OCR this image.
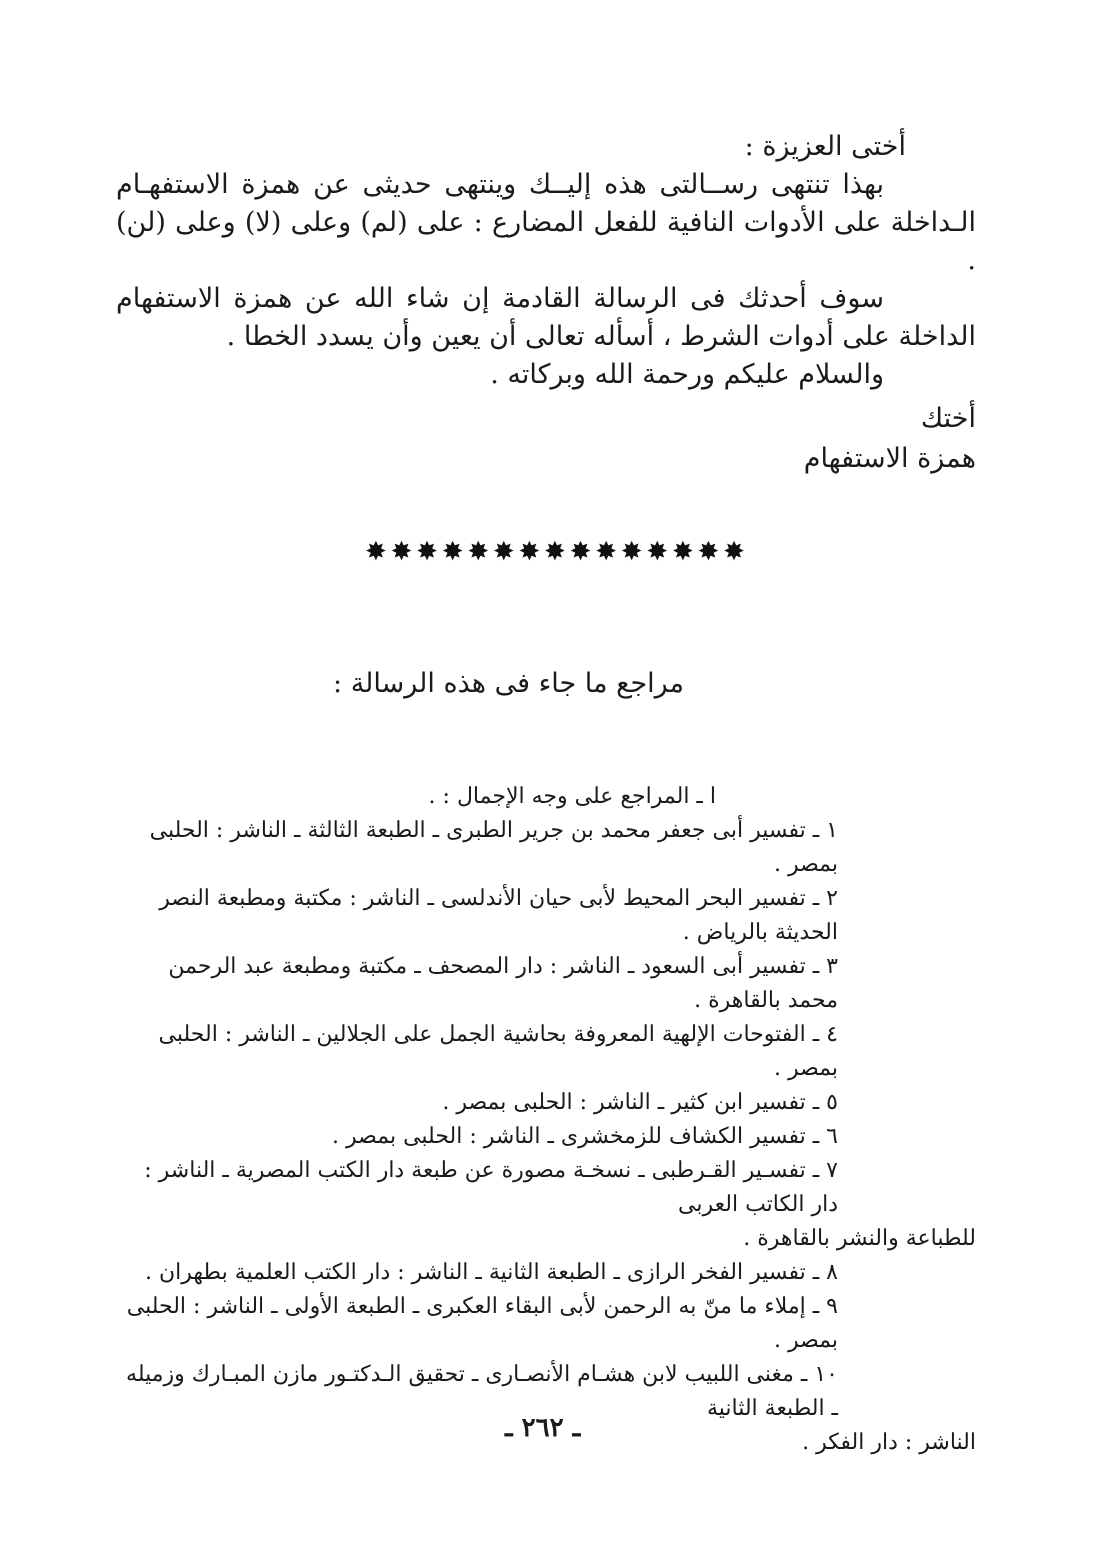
أختى العزيزة :

بهذا تنتهى رســالتى هذه إليــك وينتهى حديثى عن همزة الاستفهـام الـداخلة على الأدوات النافية للفعل المضارع : على (لم) وعلى (لا) وعلى (لن) .

سوف أحدثك فى الرسالة القادمة إن شاء الله عن همزة الاستفهام الداخلة على أدوات الشرط ، أسأله تعالى أن يعين وأن يسدد الخطا .

والسلام عليكم ورحمة الله وبركاته .

أختك

همزة الاستفهام

✸ ✸ ✸ ✸ ✸ ✸ ✸ ✸ ✸ ✸ ✸ ✸ ✸ ✸ ✸
مراجع ما جاء فى هذه الرسالة :

ا ـ المراجع على وجه الإجمال : .

١ ـ تفسير أبى جعفر محمد بن جرير الطبرى ـ الطبعة الثالثة ـ الناشر : الحلبى بمصر .

٢ ـ تفسير البحر المحيط لأبى حيان الأندلسى ـ الناشر : مكتبة ومطبعة النصر الحديثة بالرياض .

٣ ـ تفسير أبى السعود ـ الناشر : دار المصحف ـ مكتبة ومطبعة عبد الرحمن محمد بالقاهرة .

٤ ـ الفتوحات الإلهية المعروفة بحاشية الجمل على الجلالين ـ الناشر : الحلبى بمصر .

٥ ـ تفسير ابن كثير ـ الناشر : الحلبى بمصر .

٦ ـ تفسير الكشاف للزمخشرى ـ الناشر : الحلبى بمصر .

٧ ـ تفسـير القـرطبى ـ نسخـة مصورة عن طبعة دار الكتب المصرية ـ الناشر : دار الكاتب العربى

للطباعة والنشر بالقاهرة .

٨ ـ تفسير الفخر الرازى ـ الطبعة الثانية ـ الناشر : دار الكتب العلمية بطهران .

٩ ـ إملاء ما منّ به الرحمن لأبى البقاء العكبرى ـ الطبعة الأولى ـ الناشر : الحلبى بمصر .

١٠ ـ مغنى اللبيب لابن هشـام الأنصـارى ـ تحقيق الـدكتـور مازن المبـارك وزميله ـ الطبعة الثانية

الناشر : دار الفكر .

ـ ٢٦٢ ـ
